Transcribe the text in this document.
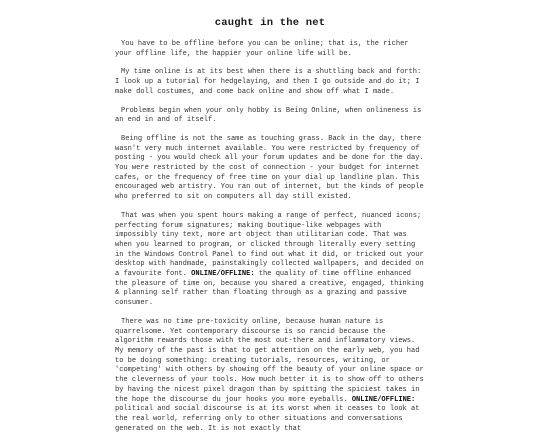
caught in the net

You have to be offline before you can be online; that is, the richer your offline life, the happier your online life will be.

My time online is at its best when there is a shuttling back and forth: I look up a tutorial for hedgelaying, and then I go outside and do it; I make doll costumes, and come back online and show off what I made.

Problems begin when your only hobby is Being Online, when onlineness is an end in and of itself.

Being offline is not the same as touching grass. Back in the day, there wasn't very much internet available. You were restricted by frequency of posting - you would check all your forum updates and be done for the day. You were restricted by the cost of connection - your budget for internet cafes, or the frequency of free time on your dial up landline plan. This encouraged web artistry. You ran out of internet, but the kinds of people who preferred to sit on computers all day still existed.

That was when you spent hours making a range of perfect, nuanced icons; perfecting forum signatures; making boutique-like webpages with impossibly tiny text, more art object than utilitarian code. That was when you learned to program, or clicked through literally every setting in the Windows Control Panel to find out what it did, or tricked out your desktop with handmade, painstakingly collected wallpapers, and decided on a favourite font. ONLINE/OFFLINE: the quality of time offline enhanced the pleasure of time on, because you shared a creative, engaged, thinking & planning self rather than floating through as a grazing and passive consumer.

There was no time pre-toxicity online, because human nature is quarrelsome. Yet contemporary discourse is so rancid because the algorithm rewards those with the most out-there and inflammatory views. My memory of the past is that to get attention on the early web, you had to be doing something: creating tutorials, resources, writing, or 'competing' with others by showing off the beauty of your online space or the cleverness of your tools. How much better it is to show off to others by having the nicest pixel dragon than by spitting the spiciest takes in the hope the discourse du jour hooks you more eyeballs. ONLINE/OFFLINE: political and social discourse is at its worst when it ceases to look at the real world, referring only to other situations and conversations generated on the web. It is not exactly that
